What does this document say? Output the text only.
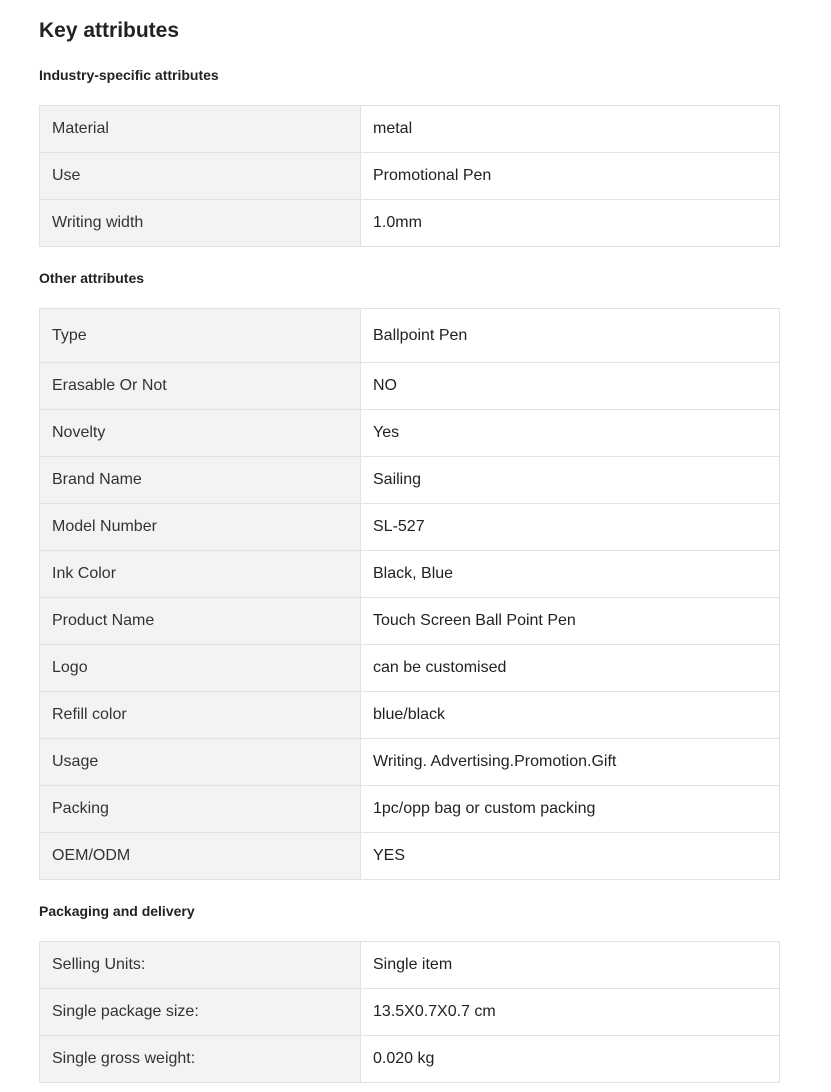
Key attributes
Industry-specific attributes
Material	metal
Use	Promotional Pen
Writing width	1.0mm
Other attributes
Type	Ballpoint Pen
Erasable Or Not	NO
Novelty	Yes
Brand Name	Sailing
Model Number	SL-527
Ink Color	Black, Blue
Product Name	Touch Screen Ball Point Pen
Logo	can be customised
Refill color	blue/black
Usage	Writing. Advertising.Promotion.Gift
Packing	1pc/opp bag or custom packing
OEM/ODM	YES
Packaging and delivery
Selling Units:	Single item
Single package size:	13.5X0.7X0.7 cm
Single gross weight:	0.020 kg
